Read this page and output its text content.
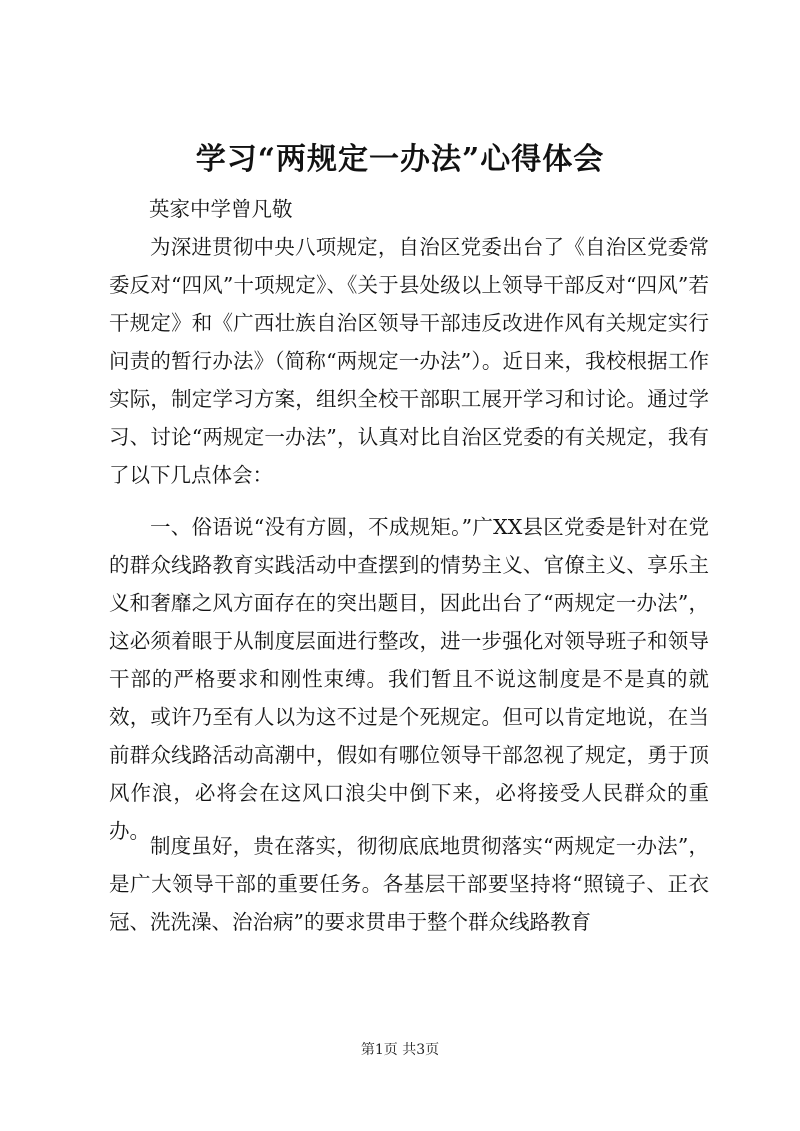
学习“两规定一办法”心得体会
英家中学曾凡敬

为深进贯彻中央八项规定，自治区党委出台了《自治区党委常委反对“四风”十项规定》、《关于县处级以上领导干部反对“四风”若干规定》和《广西壮族自治区领导干部违反改进作风有关规定实行问责的暂行办法》（简称“两规定一办法”）。近日来，我校根据工作实际，制定学习方案，组织全校干部职工展开学习和讨论。通过学习、讨论“两规定一办法”，认真对比自治区党委的有关规定，我有了以下几点体会：

一、俗语说“没有方圆，不成规矩。”广XX县区党委是针对在党的群众线路教育实践活动中查摆到的情势主义、官僚主义、享乐主义和奢靡之风方面存在的突出题目，因此出台了“两规定一办法”，这必须着眼于从制度层面进行整改，进一步强化对领导班子和领导干部的严格要求和刚性束缚。我们暂且不说这制度是不是真的就效，或许乃至有人以为这不过是个死规定。但可以肯定地说，在当前群众线路活动高潮中，假如有哪位领导干部忽视了规定，勇于顶风作浪，必将会在这风口浪尖中倒下来，必将接受人民群众的重办。

制度虽好，贵在落实，彻彻底底地贯彻落实“两规定一办法”，是广大领导干部的重要任务。各基层干部要坚持将“照镜子、正衣冠、洗洗澡、治治病”的要求贯串于整个群众线路教育

第1页 共3页
